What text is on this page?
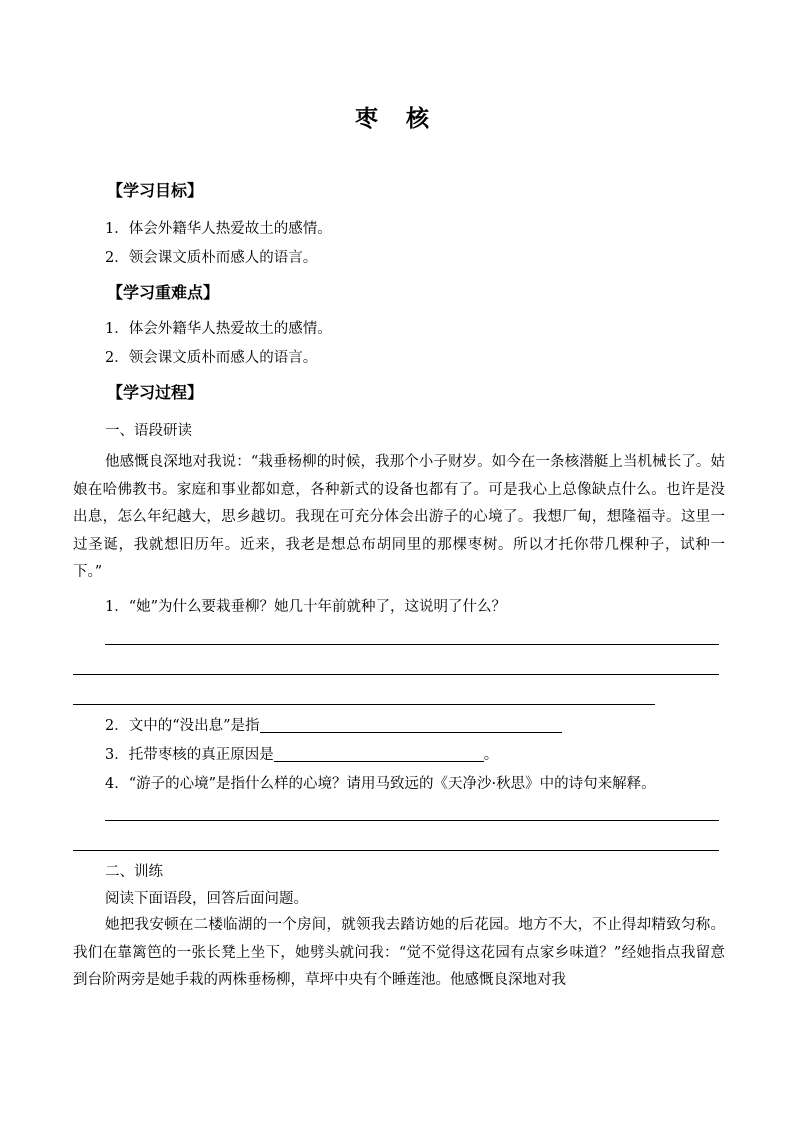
枣 核
【学习目标】
1．体会外籍华人热爱故土的感情。
2．领会课文质朴而感人的语言。
【学习重难点】
1．体会外籍华人热爱故土的感情。
2．领会课文质朴而感人的语言。
【学习过程】
一、语段研读
他感慨良深地对我说：“栽垂杨柳的时候，我那个小子财岁。如今在一条核潜艇上当机械长了。姑娘在哈佛教书。家庭和事业都如意，各种新式的设备也都有了。可是我心上总像缺点什么。也许是没出息，怎么年纪越大，思乡越切。我现在可充分体会出游子的心境了。我想厂甸，想隆福寺。这里一过圣诞，我就想旧历年。近来，我老是想总布胡同里的那棵枣树。所以才托你带几棵种子，试种一下。”
1．“她”为什么要栽垂柳？她几十年前就种了，这说明了什么？
2．文中的“没出息”是指
3．托带枣核的真正原因是	。
4．“游子的心境”是指什么样的心境？请用马致远的《天净沙·秋思》中的诗句来解释。
二、训练
阅读下面语段，回答后面问题。
她把我安顿在二楼临湖的一个房间，就领我去踏访她的后花园。地方不大，不止得却精致匀称。我们在靠篱笆的一张长凳上坐下，她劈头就问我：“觉不觉得这花园有点家乡味道？”经她指点我留意到台阶两旁是她手栽的两株垂杨柳，草坪中央有个睡莲池。他感慨良深地对我
